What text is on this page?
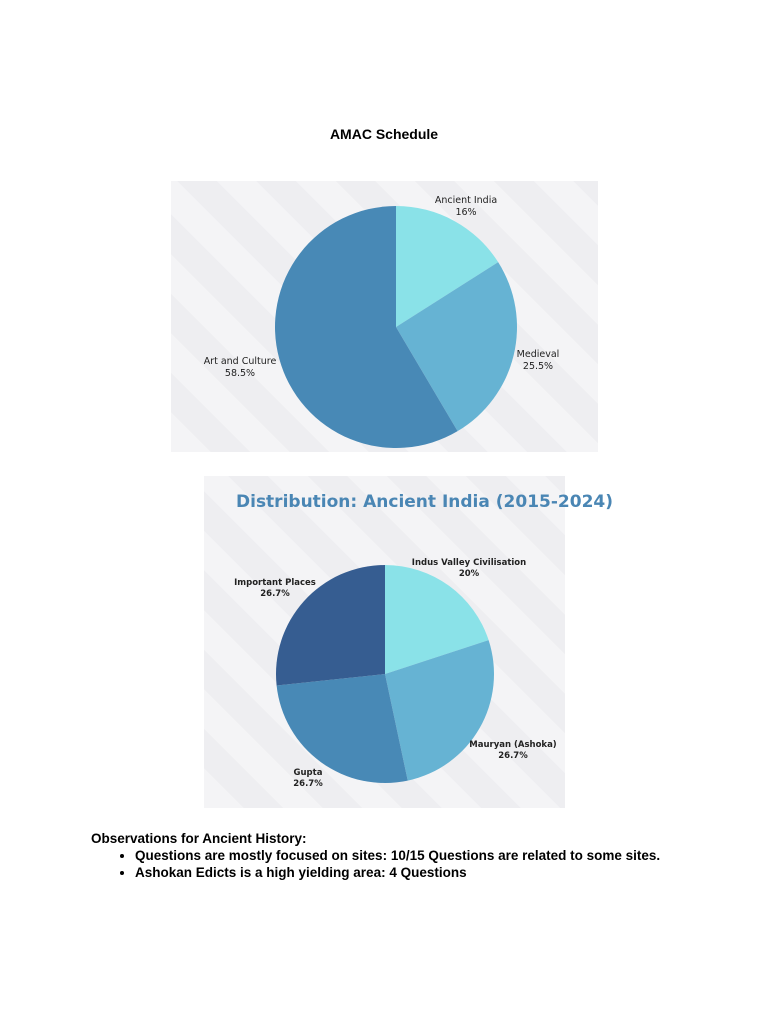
AMAC Schedule
Ancient India
16%
Medieval
25.5%
Art and Culture
58.5%
Distribution: Ancient India (2015-2024)
Indus Valley Civilisation
20%
Mauryan (Ashoka)
26.7%
Gupta
26.7%
Important Places
26.7%
Observations for Ancient History:
• Questions are mostly focused on sites: 10/15 Questions are related to some sites.
• Ashokan Edicts is a high yielding area: 4 Questions
